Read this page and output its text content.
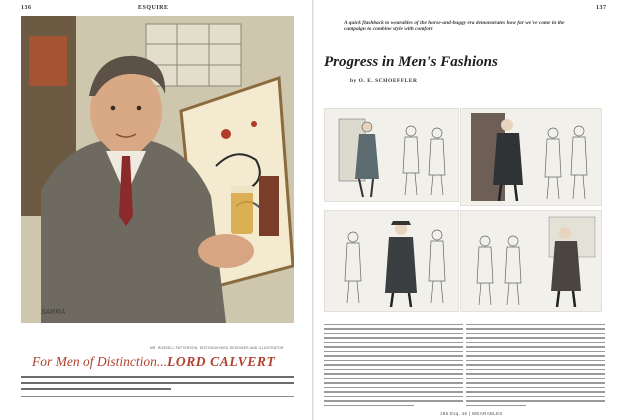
136	ESQUIRE
SARRA
MR. RUSSELL PATTERSON, DISTINGUISHED DESIGNER AND ILLUSTRATOR
For Men of Distinction...LORD CALVERT
137
A quick flashback to wearables of the horse-and-buggy era demonstrates how far we've come in the campaign to combine style with comfort
Progress in Men's Fashions
by O. E. SCHOEFFLER
186 Esq. 46 | WEARABLES
